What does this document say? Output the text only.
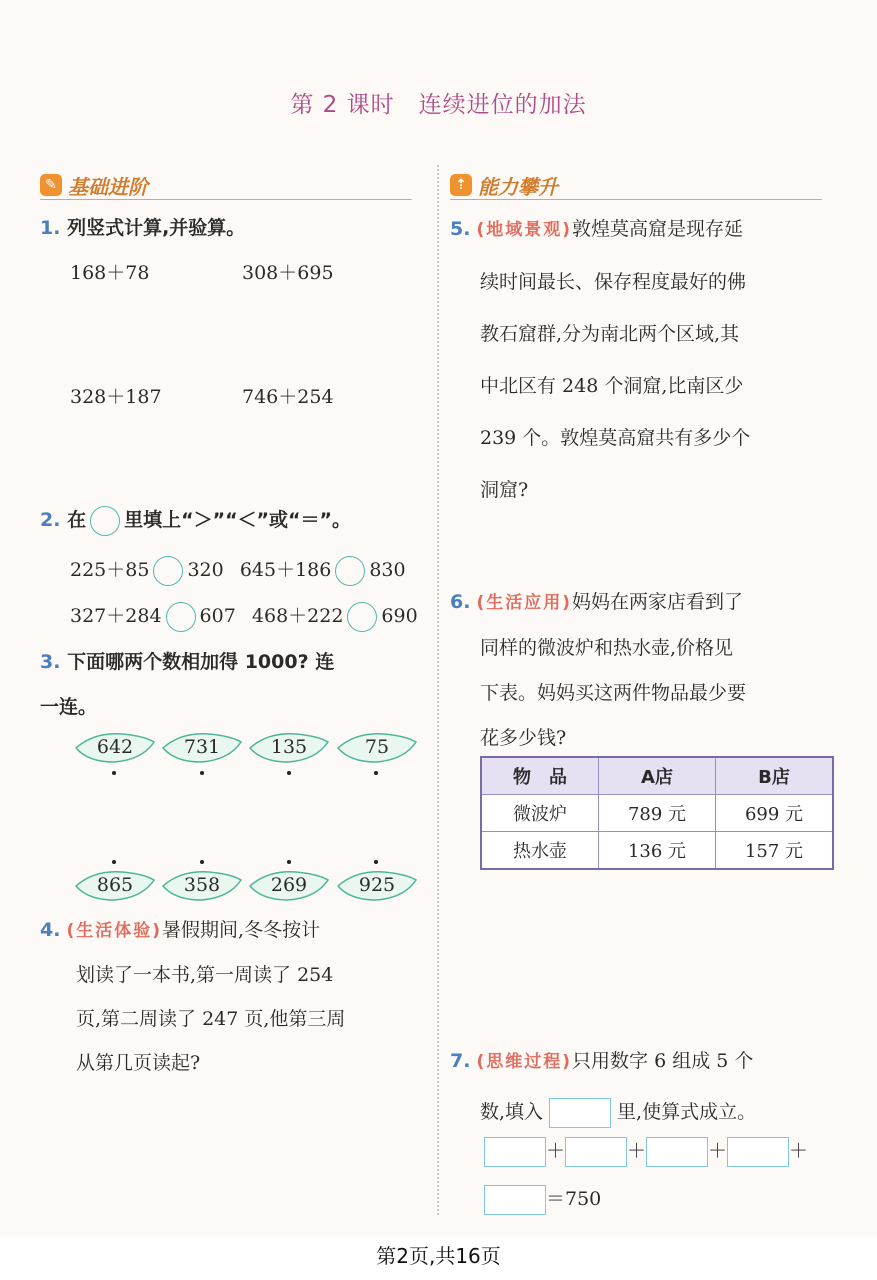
第 2 课时 连续进位的加法
✎ 基础进阶	⇡ 能力攀升
1. 列竖式计算,并验算。
168＋78	308＋695
328＋187	746＋254
2. 在 里填上“＞”“＜”或“＝”。
225＋85 320 645＋186 830
327＋284 607 468＋222 690
3. 下面哪两个数相加得 1000? 连
一连。
642	731	135	75
865	358	269	925
4. (生活体验)暑假期间,冬冬按计
划读了一本书,第一周读了 254
页,第二周读了 247 页,他第三周
从第几页读起?
5. (地域景观)敦煌莫高窟是现存延
续时间最长、保存程度最好的佛
教石窟群,分为南北两个区域,其
中北区有 248 个洞窟,比南区少
239 个。敦煌莫高窟共有多少个
洞窟?
6. (生活应用)妈妈在两家店看到了
同样的微波炉和热水壶,价格见
下表。妈妈买这两件物品最少要
花多少钱?
物　品	A店	B店
微波炉	789 元	699 元
热水壶	136 元	157 元
7. (思维过程)只用数字 6 组成 5 个
数,填入	里,使算式成立。
＋	＋	＋	＋
＝750
第2页,共16页
